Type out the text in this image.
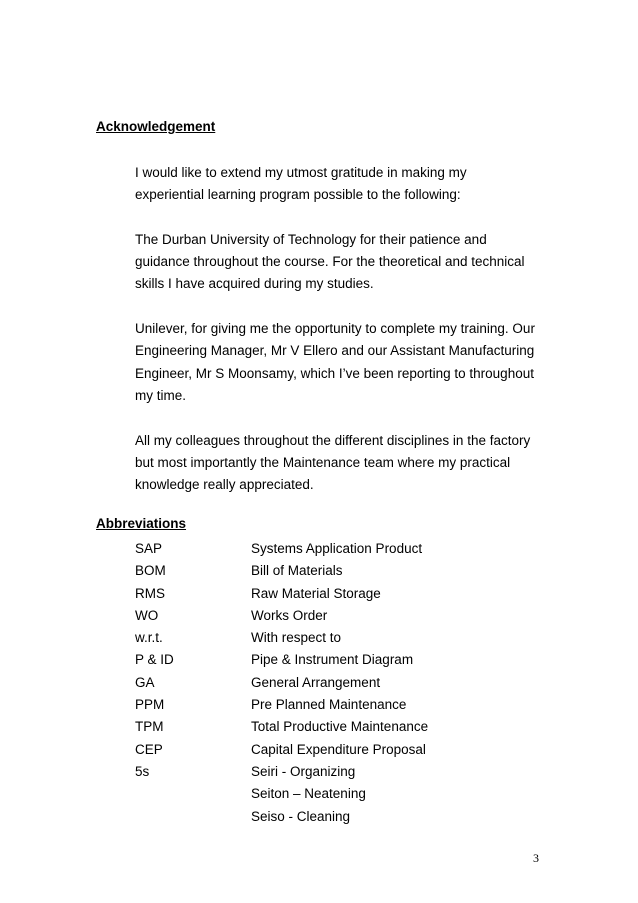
Acknowledgement

I would like to extend my utmost gratitude in making my experiential learning program possible to the following:

The Durban University of Technology for their patience and guidance throughout the course. For the theoretical and technical skills I have acquired during my studies.

Unilever, for giving me the opportunity to complete my training. Our Engineering Manager, Mr V Ellero and our Assistant Manufacturing Engineer, Mr S Moonsamy, which I’ve been reporting to throughout my time.

All my colleagues throughout the different disciplines in the factory but most importantly the Maintenance team where my practical knowledge really appreciated.

Abbreviations
SAP	Systems Application Product
BOM	Bill of Materials
RMS	Raw Material Storage
WO	Works Order
w.r.t.	With respect to
P & ID	Pipe & Instrument Diagram
GA	General Arrangement
PPM	Pre Planned Maintenance
TPM	Total Productive Maintenance
CEP	Capital Expenditure Proposal
5s	Seiri - Organizing
	Seiton – Neatening
	Seiso - Cleaning
3
